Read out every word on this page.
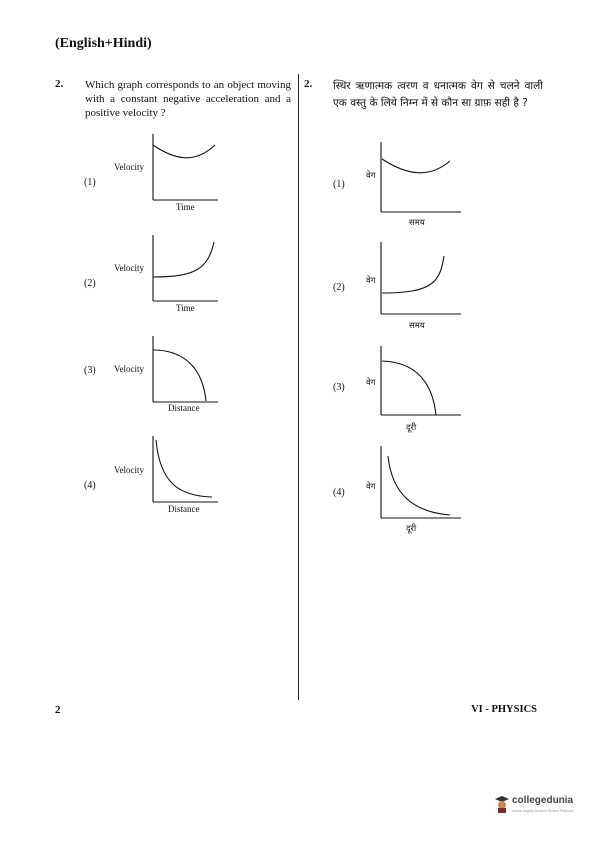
(English+Hindi)
2. Which graph corresponds to an object moving with a constant negative acceleration and a positive velocity ?
(1)
Velocity
Time
(2)
Velocity
Time
(3) Velocity
Distance
(4)
Velocity
Distance
2. स्थिर ऋणात्मक त्वरण व धनात्मक वेग से चलने वाली एक वस्तु के लिये निम्न में से कौन सा ग्राफ़ सही है ?
(1)
वेग
समय
(2)
वेग
समय
(3)	वेग
दूरी
(4)	वेग
दूरी
2	VI - PHYSICS
collegedunia
India's largest Student Review Platform
